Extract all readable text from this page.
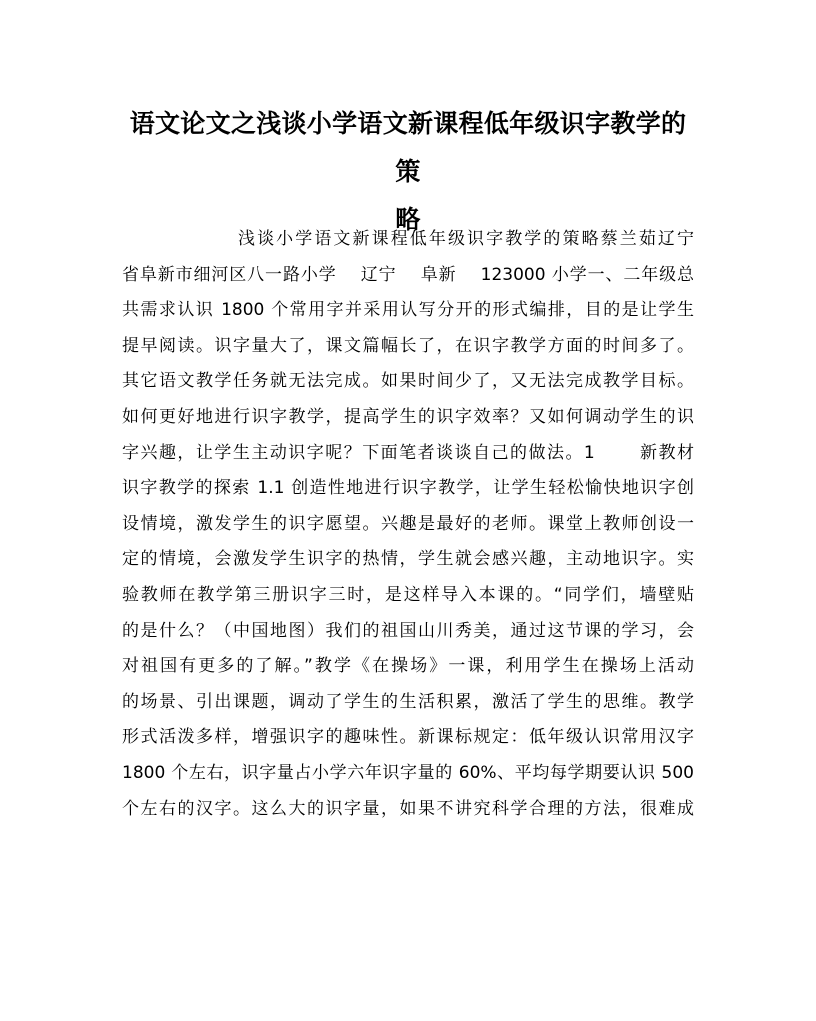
语文论文之浅谈小学语文新课程低年级识字教学的策
略
浅谈小学语文新课程低年级识字教学的策略蔡兰茹辽宁
省阜新市细河区八一路小学　 辽宁　 阜新　 123000 小学一、二年级总
共需求认识 1800 个常用字并采用认写分开的形式编排，目的是让学生
提早阅读。识字量大了，课文篇幅长了，在识字教学方面的时间多了。
其它语文教学任务就无法完成。如果时间少了，又无法完成教学目标。
如何更好地进行识字教学，提高学生的识字效率？又如何调动学生的识
字兴趣，让学生主动识字呢？下面笔者谈谈自己的做法。1　　 新教材
识字教学的探索 1.1 创造性地进行识字教学，让学生轻松愉快地识字创
设情境，激发学生的识字愿望。兴趣是最好的老师。课堂上教师创设一
定的情境，会激发学生识字的热情，学生就会感兴趣，主动地识字。实
验教师在教学第三册识字三时，是这样导入本课的。“同学们，墙壁贴
的是什么？（中国地图）我们的祖国山川秀美，通过这节课的学习，会
对祖国有更多的了解。”教学《在操场》一课，利用学生在操场上活动
的场景、引出课题，调动了学生的生活积累，激活了学生的思维。教学
形式活泼多样，增强识字的趣味性。新课标规定：低年级认识常用汉字
1800 个左右，识字量占小学六年识字量的 60%、平均每学期要认识 500
个左右的汉字。这么大的识字量，如果不讲究科学合理的方法，很难成
